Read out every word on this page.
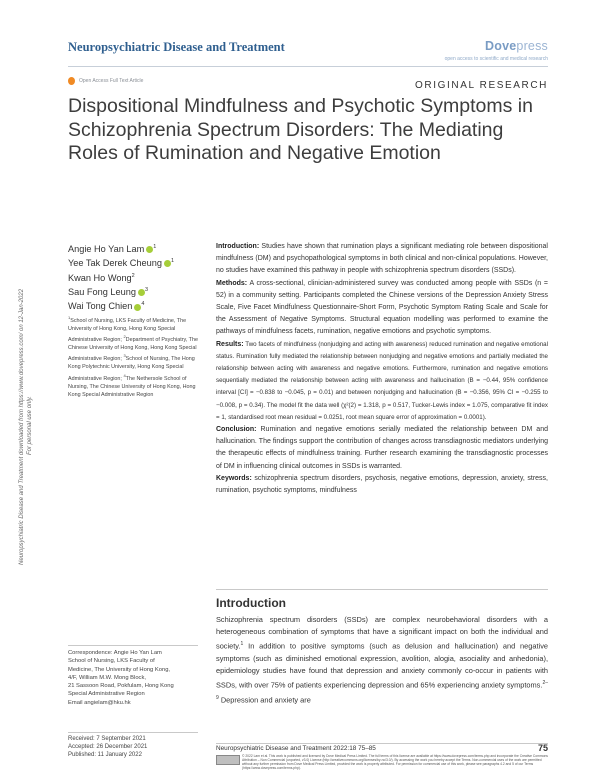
Neuropsychiatric Disease and Treatment	Dovepress
open access to scientific and medical research
Open Access Full Text Article	ORIGINAL RESEARCH
Dispositional Mindfulness and Psychotic Symptoms in Schizophrenia Spectrum Disorders: The Mediating Roles of Rumination and Negative Emotion
Neuropsychiatric Disease and Treatment downloaded from https://www.dovepress.com/ on 12-Jan-2022 For personal use only.
Angie Ho Yan Lam $^1$
Yee Tak Derek Cheung $^1$
Kwan Ho Wong$^2$
Sau Fong Leung $^3$
Wai Tong Chien $^4$
$^1$School of Nursing, LKS Faculty of Medicine, The University of Hong Kong, Hong Kong Special Administrative Region; $^2$Department of Psychiatry, The Chinese University of Hong Kong, Hong Kong Special Administrative Region; $^3$School of Nursing, The Hong Kong Polytechnic University, Hong Kong Special Administrative Region; $^4$The Nethersole School of Nursing, The Chinese University of Hong Kong, Hong Kong Special Administrative Region

Introduction: Studies have shown that rumination plays a significant mediating role between dispositional mindfulness (DM) and psychopathological symptoms in both clinical and non-clinical populations. However, no studies have examined this pathway in people with schizophrenia spectrum disorders (SSDs).

Methods: A cross-sectional, clinician-administered survey was conducted among people with SSDs (n = 52) in a community setting. Participants completed the Chinese versions of the Depression Anxiety Stress Scale, Five Facet Mindfulness Questionnaire-Short Form, Psychotic Symptom Rating Scale and Scale for the Assessment of Negative Symptoms. Structural equation modelling was performed to examine the pathways of mindfulness facets, rumination, negative emotions and psychotic symptoms.

Results: Two facets of mindfulness (nonjudging and acting with awareness) reduced rumination and negative emotional status. Rumination fully mediated the relationship between nonjudging and negative emotions and partially mediated the relationship between acting with awareness and negative emotions. Furthermore, rumination and negative emotions sequentially mediated the relationship between acting with awareness and hallucination (B = −0.44, 95% confidence interval [CI] = −0.838 to −0.045, p = 0.01) and between nonjudging and hallucination (B = −0.356, 95% CI = −0.255 to −0.008, p = 0.34). The model fit the data well (χ²(2) = 1.318, p = 0.517, Tucker-Lewis index = 1.075, comparative fit index = 1, standardised root mean residual = 0.0251, root mean square error of approximation = 0.0001).

Conclusion: Rumination and negative emotions serially mediated the relationship between DM and hallucination. The findings support the contribution of changes across transdiagnostic mediators underlying the therapeutic effects of mindfulness training. Further research examining the transdiagnostic processes of DM in influencing clinical outcomes in SSDs is warranted.

Keywords: schizophrenia spectrum disorders, psychosis, negative emotions, depression, anxiety, stress, rumination, psychotic symptoms, mindfulness

Introduction
Schizophrenia spectrum disorders (SSDs) are complex neurobehavioral disorders with a heterogeneous combination of symptoms that have a significant impact on both the individual and society.$^1$ In addition to positive symptoms (such as delusion and hallucination) and negative symptoms (such as diminished emotional expression, avolition, alogia, asociality and anhedonia), epidemiology studies have found that depression and anxiety commonly co-occur in patients with SSDs, with over 75% of patients experiencing depression and 65% experiencing anxiety symptoms.$^{2-9}$ Depression and anxiety are
Correspondence: Angie Ho Yan Lam
School of Nursing, LKS Faculty of
Medicine, The University of Hong Kong,
4/F, William M.W. Mong Block,
21 Sassoon Road, Pokfulam, Hong Kong
Special Administrative Region
Email angielam@hku.hk
Received: 7 September 2021
Accepted: 26 December 2021
Published: 11 January 2022
Neuropsychiatric Disease and Treatment 2022:18 75–85	75
© 2022 Lam et al. This work is published and licensed by Dove Medical Press Limited. The full terms of this license are available at https://www.dovepress.com/terms.php and incorporate the Creative Commons Attribution – Non Commercial (unported, v3.0) License (http://creativecommons.org/licenses/by-nc/3.0/). By accessing the work you hereby accept the Terms. Non-commercial uses of the work are permitted without any further permission from Dove Medical Press Limited, provided the work is properly attributed. For permission for commercial use of this work, please see paragraphs 4.2 and 5 of our Terms (https://www.dovepress.com/terms.php).
